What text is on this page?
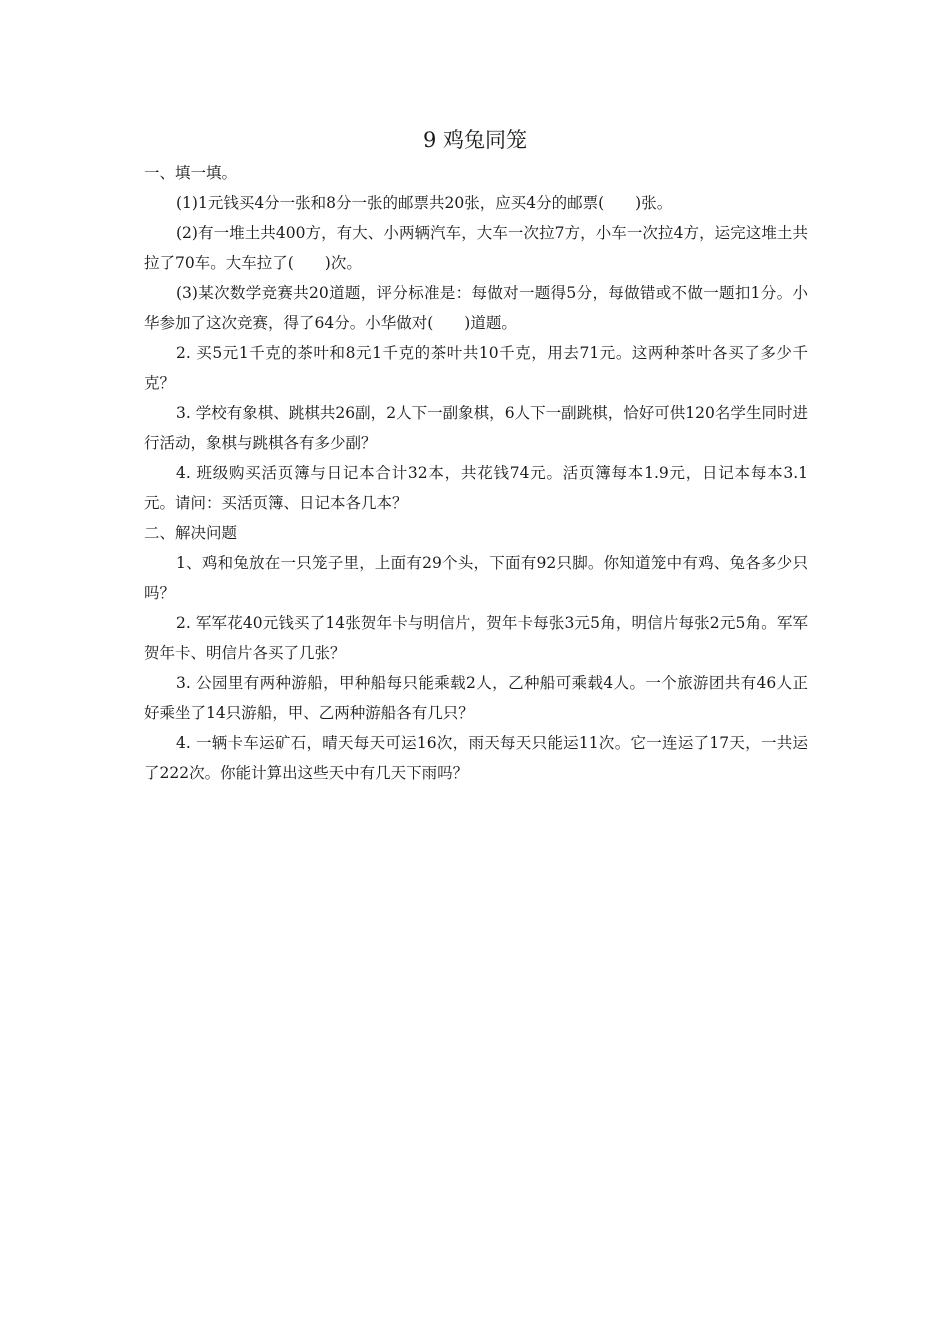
9 鸡兔同笼

一、填一填。

(1)1元钱买4分一张和8分一张的邮票共20张，应买4分的邮票(　　)张。

(2)有一堆土共400方，有大、小两辆汽车，大车一次拉7方，小车一次拉4方，运完这堆土共拉了70车。大车拉了(　　)次。

(3)某次数学竞赛共20道题，评分标准是：每做对一题得5分，每做错或不做一题扣1分。小华参加了这次竞赛，得了64分。小华做对(　　)道题。

2. 买5元1千克的茶叶和8元1千克的茶叶共10千克，用去71元。这两种茶叶各买了多少千克？

3. 学校有象棋、跳棋共26副，2人下一副象棋，6人下一副跳棋，恰好可供120名学生同时进行活动，象棋与跳棋各有多少副？

4. 班级购买活页簿与日记本合计32本，共花钱74元。活页簿每本1.9元，日记本每本3.1元。请问：买活页簿、日记本各几本？

二、解决问题

1、鸡和兔放在一只笼子里，上面有29个头，下面有92只脚。你知道笼中有鸡、兔各多少只吗？

2. 军军花40元钱买了14张贺年卡与明信片，贺年卡每张3元5角，明信片每张2元5角。军军贺年卡、明信片各买了几张？

3. 公园里有两种游船，甲种船每只能乘载2人，乙种船可乘载4人。一个旅游团共有46人正好乘坐了14只游船，甲、乙两种游船各有几只？

4. 一辆卡车运矿石，晴天每天可运16次，雨天每天只能运11次。它一连运了17天，一共运了222次。你能计算出这些天中有几天下雨吗？
